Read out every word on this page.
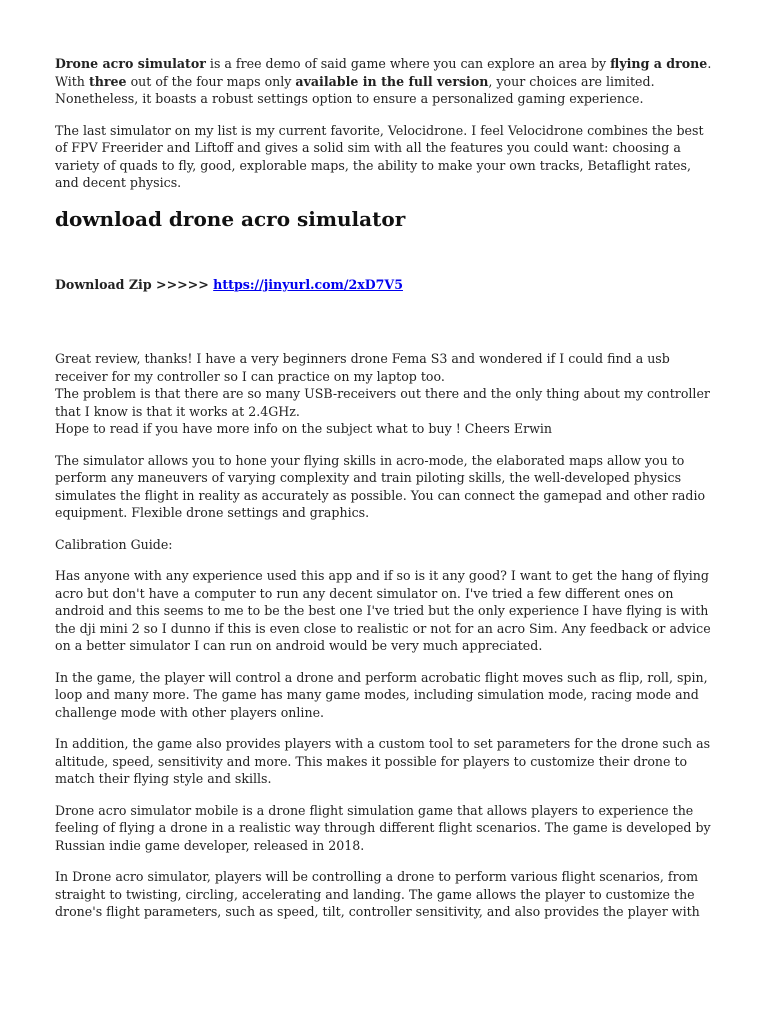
Drone acro simulator is a free demo of said game where you can explore an area by flying a drone. With three out of the four maps only available in the full version, your choices are limited. Nonetheless, it boasts a robust settings option to ensure a personalized gaming experience.

The last simulator on my list is my current favorite, Velocidrone. I feel Velocidrone combines the best of FPV Freerider and Liftoff and gives a solid sim with all the features you could want: choosing a variety of quads to fly, good, explorable maps, the ability to make your own tracks, Betaflight rates, and decent physics.

download drone acro simulator
Download Zip >>>>> https://jinyurl.com/2xD7V5

Great review, thanks! I have a very beginners drone Fema S3 and wondered if I could find a usb receiver for my controller so I can practice on my laptop too.
The problem is that there are so many USB-receivers out there and the only thing about my controller that I know is that it works at 2.4GHz.
Hope to read if you have more info on the subject what to buy ! Cheers Erwin

The simulator allows you to hone your flying skills in acro-mode, the elaborated maps allow you to perform any maneuvers of varying complexity and train piloting skills, the well-developed physics simulates the flight in reality as accurately as possible. You can connect the gamepad and other radio equipment. Flexible drone settings and graphics.

Calibration Guide:

Has anyone with any experience used this app and if so is it any good? I want to get the hang of flying acro but don't have a computer to run any decent simulator on. I've tried a few different ones on android and this seems to me to be the best one I've tried but the only experience I have flying is with the dji mini 2 so I dunno if this is even close to realistic or not for an acro Sim. Any feedback or advice on a better simulator I can run on android would be very much appreciated.

In the game, the player will control a drone and perform acrobatic flight moves such as flip, roll, spin, loop and many more. The game has many game modes, including simulation mode, racing mode and challenge mode with other players online.

In addition, the game also provides players with a custom tool to set parameters for the drone such as altitude, speed, sensitivity and more. This makes it possible for players to customize their drone to match their flying style and skills.

Drone acro simulator mobile is a drone flight simulation game that allows players to experience the feeling of flying a drone in a realistic way through different flight scenarios. The game is developed by Russian indie game developer, released in 2018.

In Drone acro simulator, players will be controlling a drone to perform various flight scenarios, from straight to twisting, circling, accelerating and landing. The game allows the player to customize the drone's flight parameters, such as speed, tilt, controller sensitivity, and also provides the player with
